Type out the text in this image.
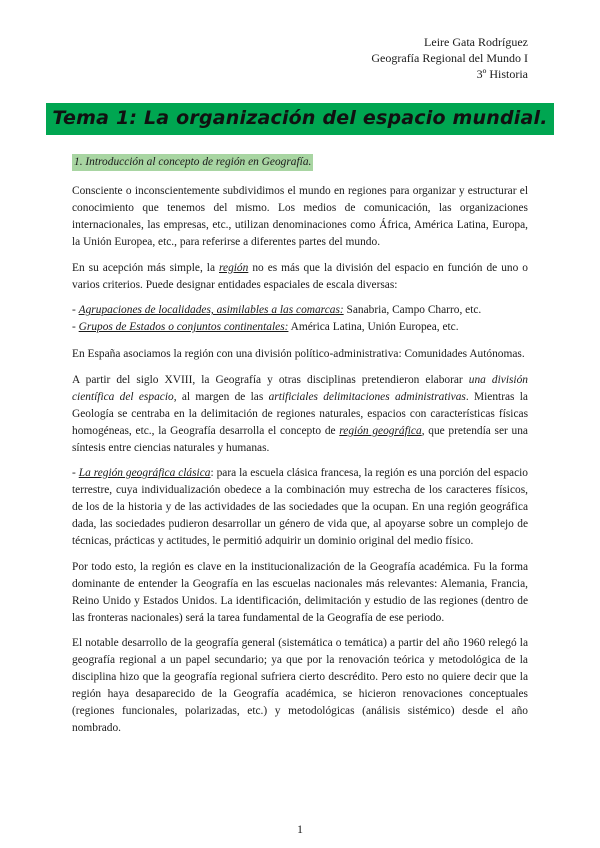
Leire Gata Rodríguez
Geografía Regional del Mundo I
3º Historia
Tema 1: La organización del espacio mundial.
1. Introducción al concepto de región en Geografía.

Consciente o inconscientemente subdividimos el mundo en regiones para organizar y estructurar el conocimiento que tenemos del mismo. Los medios de comunicación, las organizaciones internacionales, las empresas, etc., utilizan denominaciones como África, América Latina, Europa, la Unión Europea, etc., para referirse a diferentes partes del mundo.

En su acepción más simple, la región no es más que la división del espacio en función de uno o varios criterios. Puede designar entidades espaciales de escala diversas:

- Agrupaciones de localidades, asimilables a las comarcas: Sanabria, Campo Charro, etc.

- Grupos de Estados o conjuntos continentales: América Latina, Unión Europea, etc.

En España asociamos la región con una división político-administrativa: Comunidades Autónomas.

A partir del siglo XVIII, la Geografía y otras disciplinas pretendieron elaborar una división científica del espacio, al margen de las artificiales delimitaciones administrativas. Mientras la Geología se centraba en la delimitación de regiones naturales, espacios con características físicas homogéneas, etc., la Geografía desarrolla el concepto de región geográfica, que pretendía ser una síntesis entre ciencias naturales y humanas.

- La región geográfica clásica: para la escuela clásica francesa, la región es una porción del espacio terrestre, cuya individualización obedece a la combinación muy estrecha de los caracteres físicos, de los de la historia y de las actividades de las sociedades que la ocupan. En una región geográfica dada, las sociedades pudieron desarrollar un género de vida que, al apoyarse sobre un complejo de técnicas, prácticas y actitudes, le permitió adquirir un dominio original del medio físico.

Por todo esto, la región es clave en la institucionalización de la Geografía académica. Fu la forma dominante de entender la Geografía en las escuelas nacionales más relevantes: Alemania, Francia, Reino Unido y Estados Unidos. La identificación, delimitación y estudio de las regiones (dentro de las fronteras nacionales) será la tarea fundamental de la Geografía de ese periodo.

El notable desarrollo de la geografía general (sistemática o temática) a partir del año 1960 relegó la geografía regional a un papel secundario; ya que por la renovación teórica y metodológica de la disciplina hizo que la geografía regional sufriera cierto descrédito. Pero esto no quiere decir que la región haya desaparecido de la Geografía académica, se hicieron renovaciones conceptuales (regiones funcionales, polarizadas, etc.) y metodológicas (análisis sistémico) desde el año nombrado.

1
